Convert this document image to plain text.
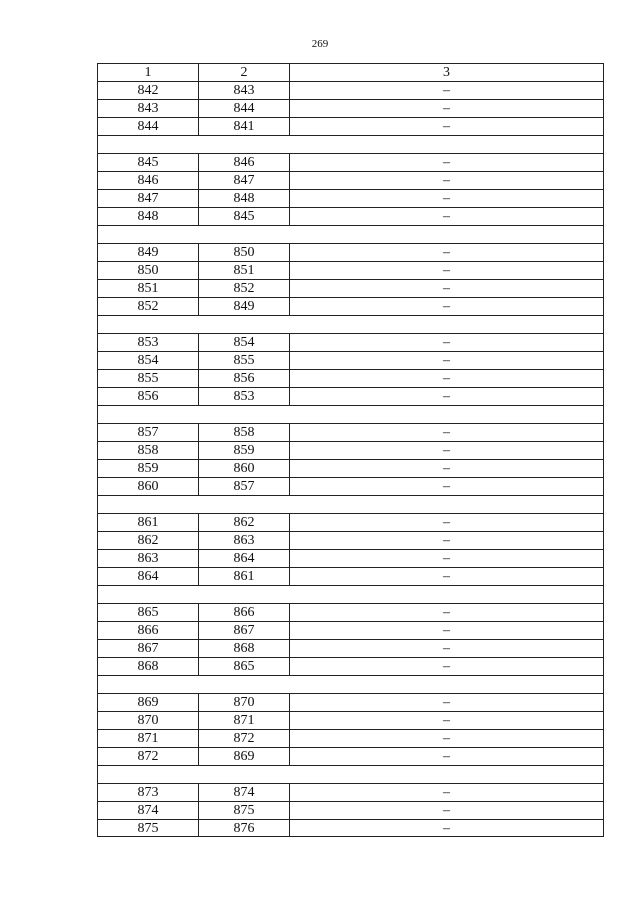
269
1	2	3
842	843	–
843	844	–
844	841	–
845	846	–
846	847	–
847	848	–
848	845	–
849	850	–
850	851	–
851	852	–
852	849	–
853	854	–
854	855	–
855	856	–
856	853	–
857	858	–
858	859	–
859	860	–
860	857	–
861	862	–
862	863	–
863	864	–
864	861	–
865	866	–
866	867	–
867	868	–
868	865	–
869	870	–
870	871	–
871	872	–
872	869	–
873	874	–
874	875	–
875	876	–
